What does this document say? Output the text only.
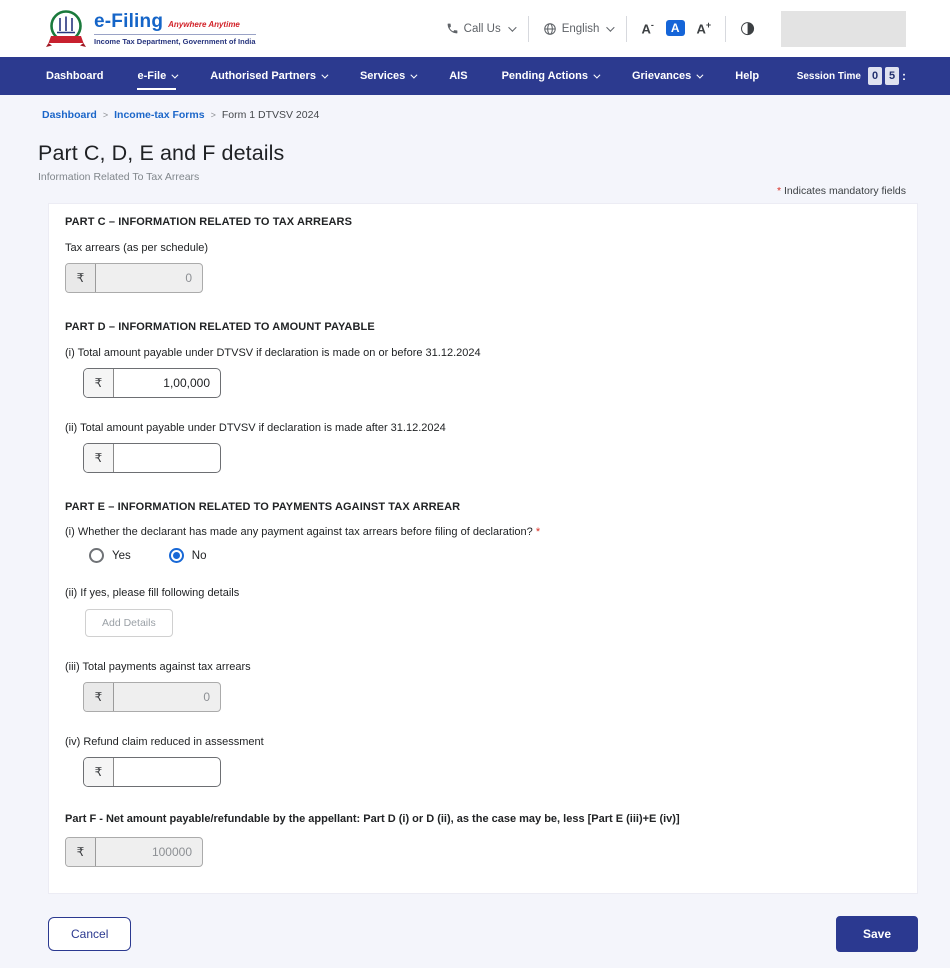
e-Filing Anywhere Anytime
Income Tax Department, Government of India
Call Us	English	A-	A	A+ ◑
Dashboard	e-File	Authorised Partners	Services	AIS	Pending Actions	Grievances	Help	Session Time 0 5 :
Dashboard > Income-tax Forms > Form 1 DTVSV 2024
Part C, D, E and F details
Information Related To Tax Arrears
* Indicates mandatory fields
PART C – INFORMATION RELATED TO TAX ARREARS
Tax arrears (as per schedule)
₹
0
PART D – INFORMATION RELATED TO AMOUNT PAYABLE
(i) Total amount payable under DTVSV if declaration is made on or before 31.12.2024
₹
1,00,000
(ii) Total amount payable under DTVSV if declaration is made after 31.12.2024
₹
PART E – INFORMATION RELATED TO PAYMENTS AGAINST TAX ARREAR
(i) Whether the declarant has made any payment against tax arrears before filing of declaration? *
Yes	No
(ii) If yes, please fill following details
Add Details
(iii) Total payments against tax arrears
₹
0
(iv) Refund claim reduced in assessment
₹
Part F - Net amount payable/refundable by the appellant: Part D (i) or D (ii), as the case may be, less [Part E (iii)+E (iv)]
₹
100000
Cancel	Save
